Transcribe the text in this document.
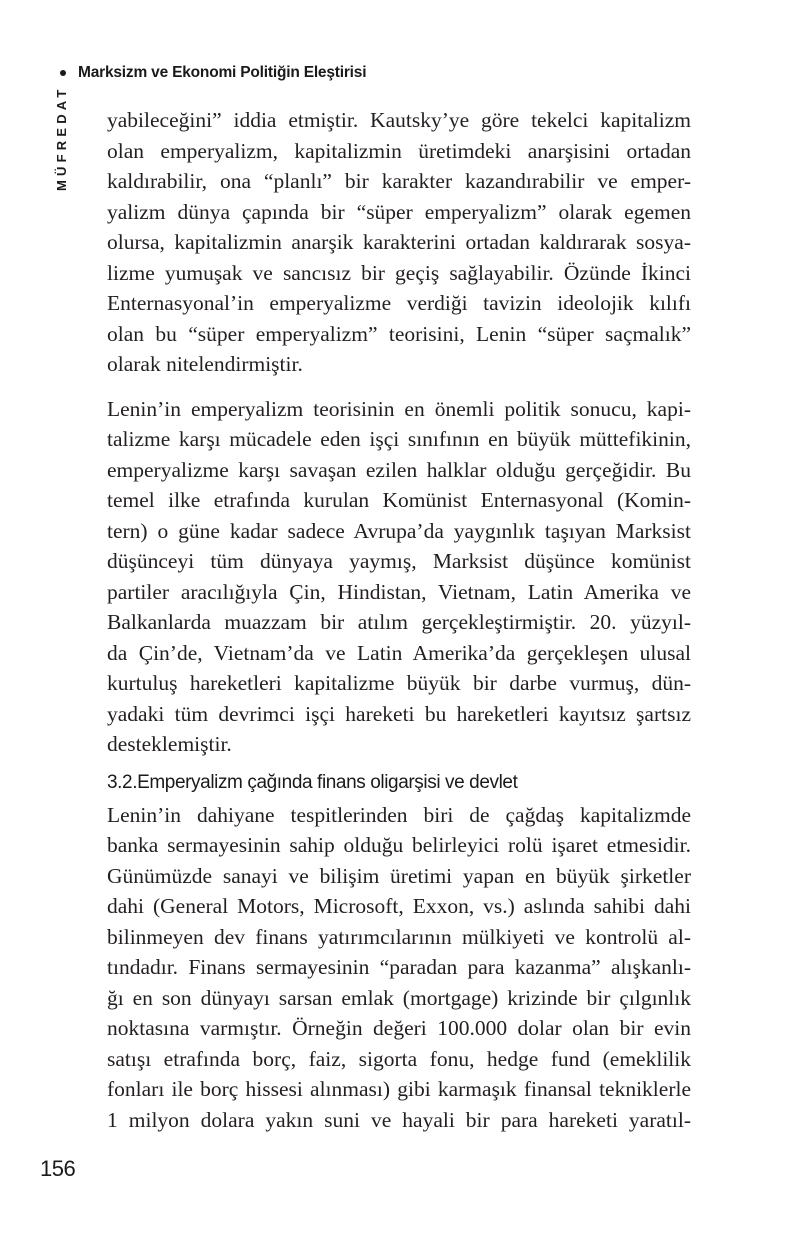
Marksizm ve Ekonomi Politiğin Eleştirisi
MÜFREDAT yabileceğini” iddia etmiştir. Kautsky’ye göre tekelci kapitalizm
olan emperyalizm, kapitalizmin üretimdeki anarşisini ortadan
kaldırabilir, ona “planlı” bir karakter kazandırabilir ve emper-
yalizm dünya çapında bir “süper emperyalizm” olarak egemen
olursa, kapitalizmin anarşik karakterini ortadan kaldırarak sosya-
lizme yumuşak ve sancısız bir geçiş sağlayabilir. Özünde İkinci
Enternasyonal’in emperyalizme verdiği tavizin ideolojik kılıfı
olan bu “süper emperyalizm” teorisini, Lenin “süper saçmalık”
olarak nitelendirmiştir.
Lenin’in emperyalizm teorisinin en önemli politik sonucu, kapi-
talizme karşı mücadele eden işçi sınıfının en büyük müttefikinin,
emperyalizme karşı savaşan ezilen halklar olduğu gerçeğidir. Bu
temel ilke etrafında kurulan Komünist Enternasyonal (Komin-
tern) o güne kadar sadece Avrupa’da yaygınlık taşıyan Marksist
düşünceyi tüm dünyaya yaymış, Marksist düşünce komünist
partiler aracılığıyla Çin, Hindistan, Vietnam, Latin Amerika ve
Balkanlarda muazzam bir atılım gerçekleştirmiştir. 20. yüzyıl-
da Çin’de, Vietnam’da ve Latin Amerika’da gerçekleşen ulusal
kurtuluş hareketleri kapitalizme büyük bir darbe vurmuş, dün-
yadaki tüm devrimci işçi hareketi bu hareketleri kayıtsız şartsız
desteklemiştir.
3.2.Emperyalizm çağında finans oligarşisi ve devlet
Lenin’in dahiyane tespitlerinden biri de çağdaş kapitalizmde
banka sermayesinin sahip olduğu belirleyici rolü işaret etmesidir.
Günümüzde sanayi ve bilişim üretimi yapan en büyük şirketler
dahi (General Motors, Microsoft, Exxon, vs.) aslında sahibi dahi
bilinmeyen dev finans yatırımcılarının mülkiyeti ve kontrolü al-
tındadır. Finans sermayesinin “paradan para kazanma” alışkanlı-
ğı en son dünyayı sarsan emlak (mortgage) krizinde bir çılgınlık
noktasına varmıştır. Örneğin değeri 100.000 dolar olan bir evin
satışı etrafında borç, faiz, sigorta fonu, hedge fund (emeklilik
fonları ile borç hissesi alınması) gibi karmaşık finansal tekniklerle
1 milyon dolara yakın suni ve hayali bir para hareketi yaratıl-
156
